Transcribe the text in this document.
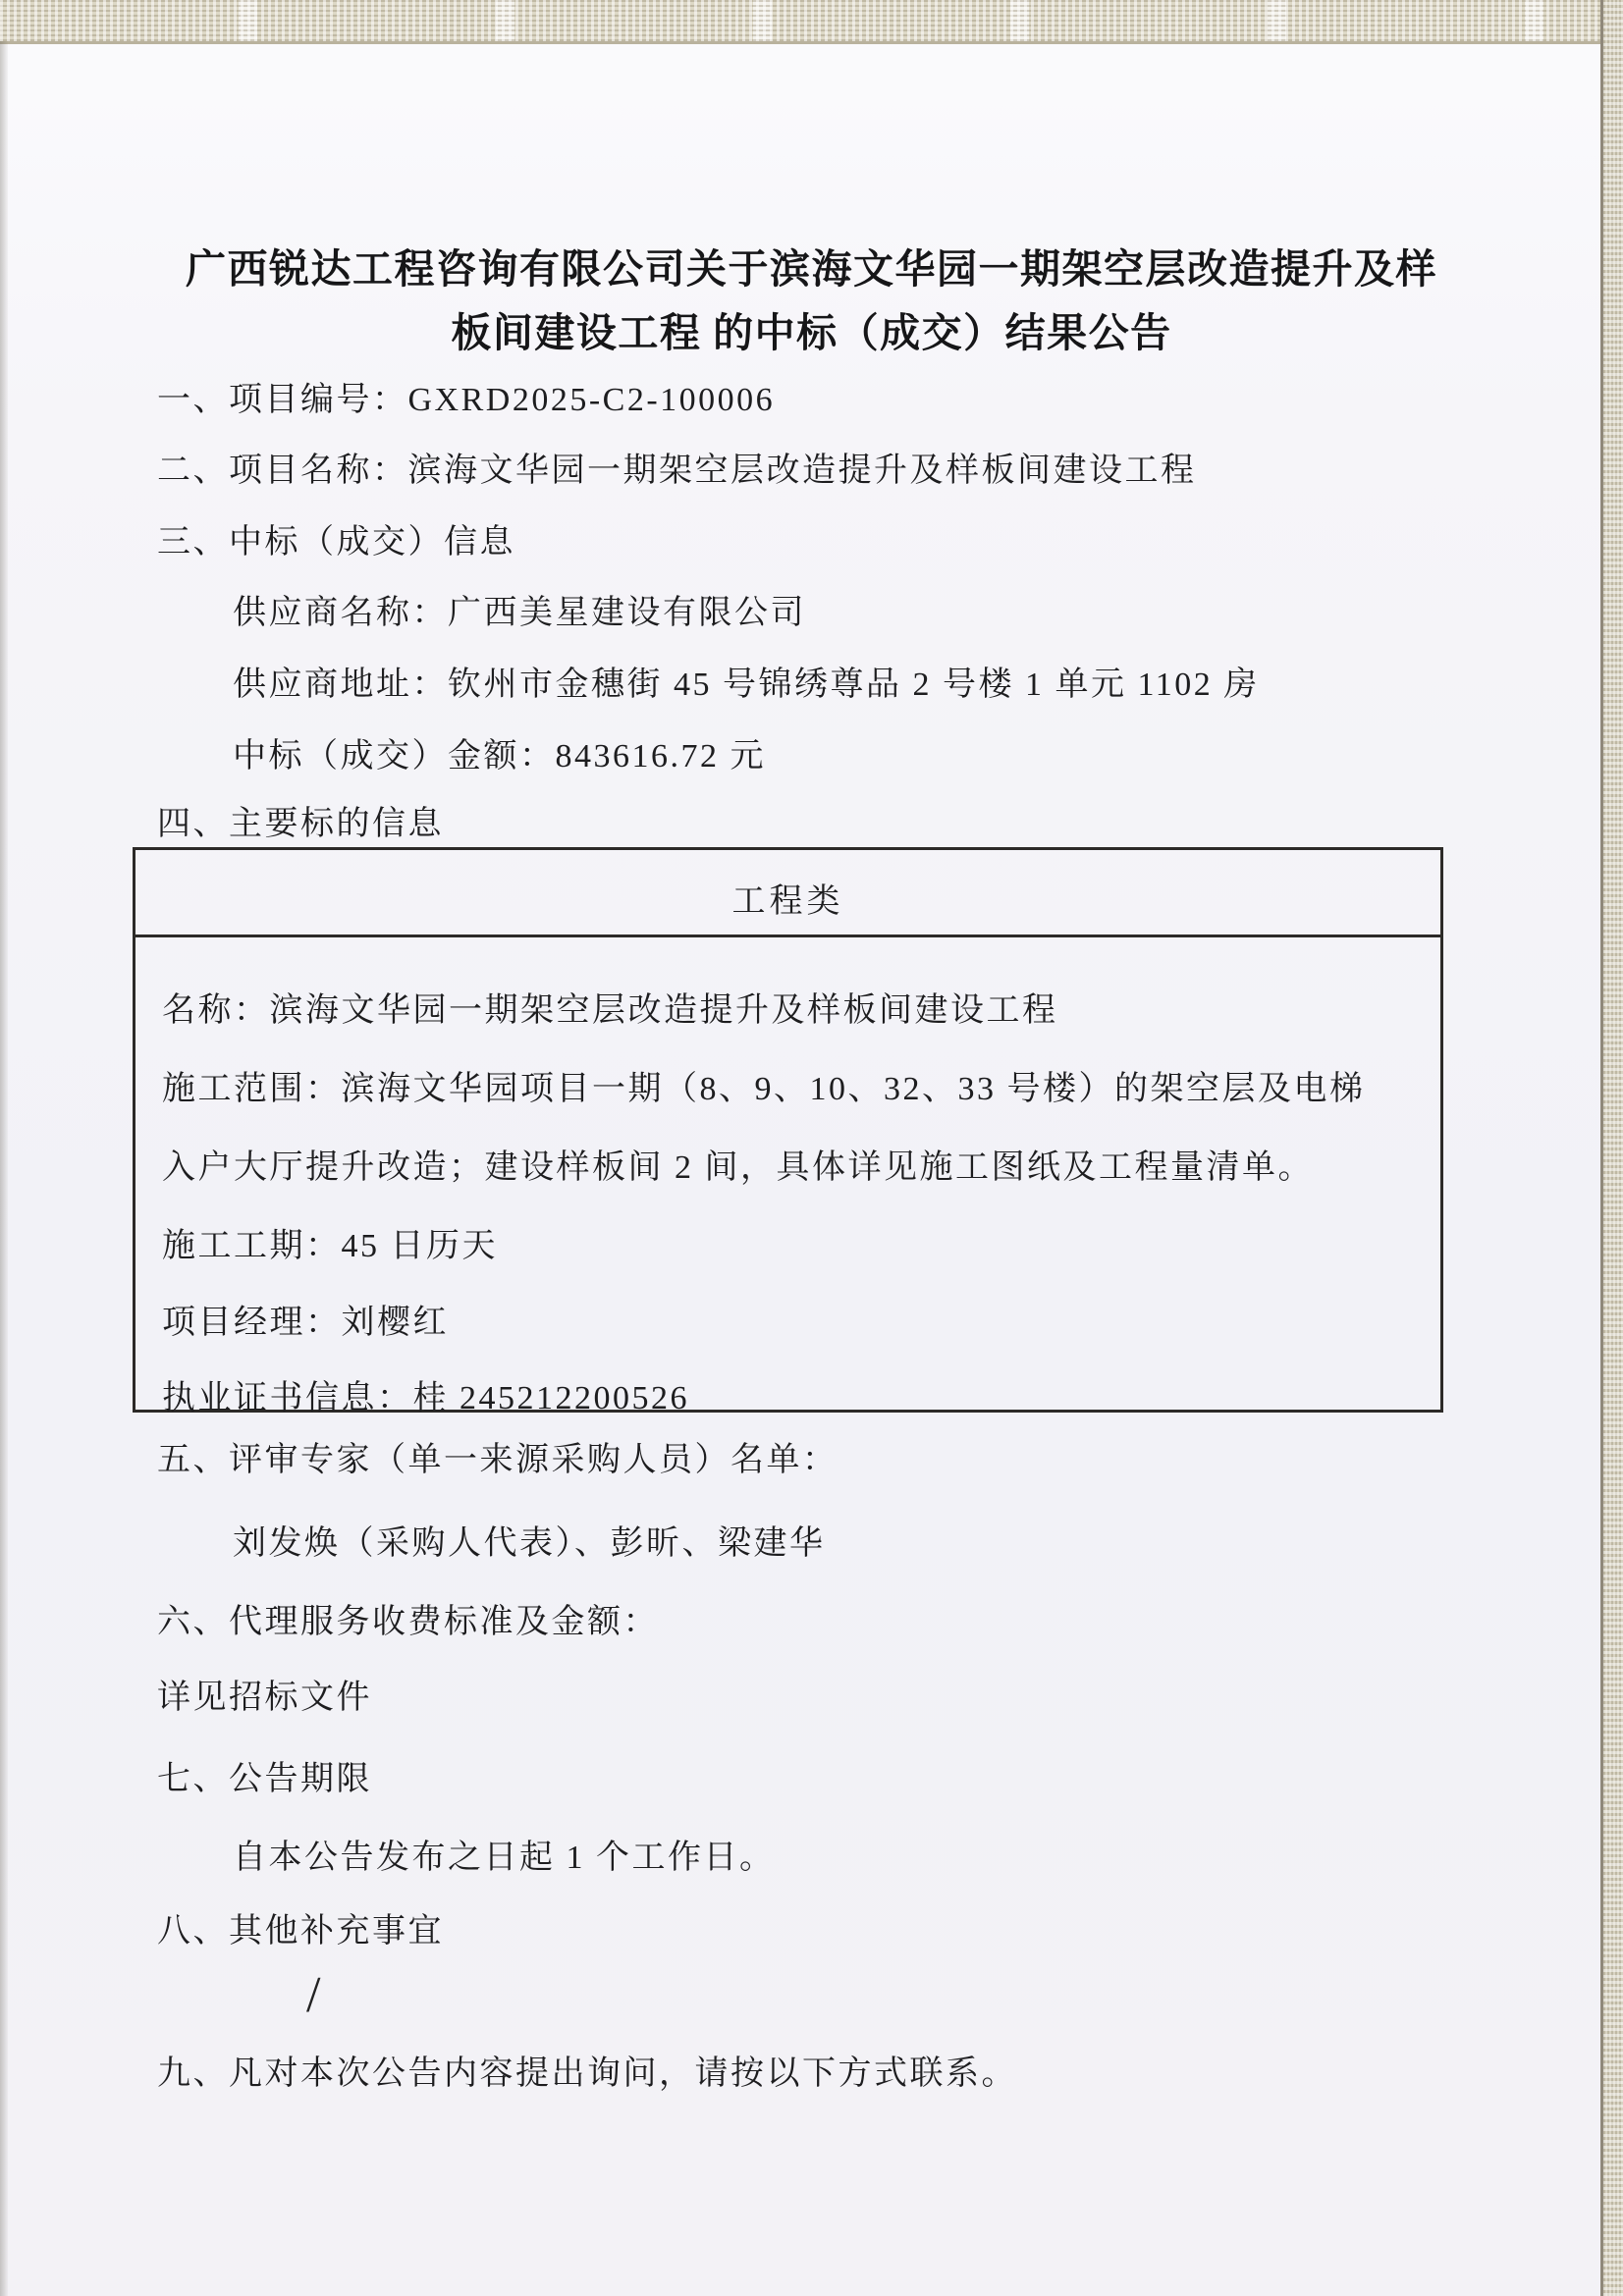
广西锐达工程咨询有限公司关于滨海文华园一期架空层改造提升及样
板间建设工程 的中标（成交）结果公告
一、项目编号：GXRD2025-C2-100006
二、项目名称：滨海文华园一期架空层改造提升及样板间建设工程
三、中标（成交）信息
供应商名称：广西美星建设有限公司
供应商地址：钦州市金穗街 45 号锦绣尊品 2 号楼 1 单元 1102 房
中标（成交）金额：843616.72 元
四、主要标的信息
工程类
名称：滨海文华园一期架空层改造提升及样板间建设工程
施工范围：滨海文华园项目一期（8、9、10、32、33 号楼）的架空层及电梯
入户大厅提升改造；建设样板间 2 间，具体详见施工图纸及工程量清单。
施工工期：45 日历天
项目经理：刘樱红
执业证书信息：桂 245212200526
五、评审专家（单一来源采购人员）名单：
刘发焕（采购人代表）、彭昕、梁建华
六、代理服务收费标准及金额：
详见招标文件
七、公告期限
自本公告发布之日起 1 个工作日。
八、其他补充事宜
/
九、凡对本次公告内容提出询问，请按以下方式联系。
